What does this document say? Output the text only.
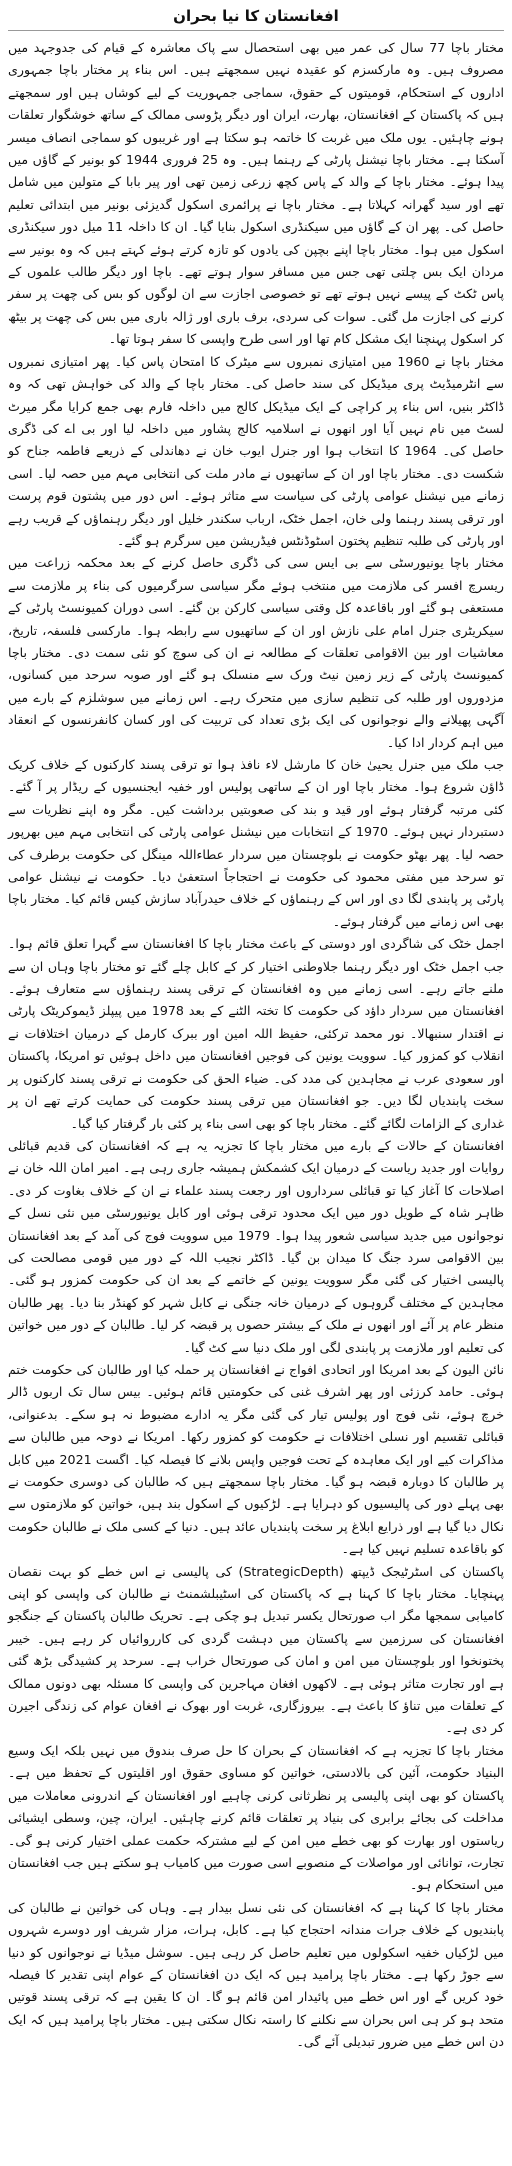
افغانستان کا نیا بحران

مختار باچا 77 سال کی عمر میں بھی استحصال سے پاک معاشرہ کے قیام کی جدوجہد میں مصروف ہیں۔ وہ مارکسزم کو عقیدہ نہیں سمجھتے ہیں۔ اس بناء پر مختار باچا جمہوری اداروں کے استحکام، قومیتوں کے حقوق، سماجی جمہوریت کے لیے کوشاں ہیں اور سمجھتے ہیں کہ پاکستان کے افغانستان، بھارت، ایران اور دیگر پڑوسی ممالک کے ساتھ خوشگوار تعلقات ہونے چاہئیں۔ یوں ملک میں غربت کا خاتمہ ہو سکتا ہے اور غریبوں کو سماجی انصاف میسر آسکتا ہے۔ مختار باچا نیشنل پارٹی کے رہنما ہیں۔ وہ 25 فروری 1944 کو بونیر کے گاؤں میں پیدا ہوئے۔ مختار باچا کے والد کے پاس کچھ زرعی زمین تھی اور پیر بابا کے متولین میں شامل تھے اور سید گھرانہ کہلاتا ہے۔ مختار باچا نے پرائمری اسکول گدیزئی بونیر میں ابتدائی تعلیم حاصل کی۔ پھر ان کے گاؤں میں سیکنڈری اسکول بنایا گیا۔ ان کا داخلہ 11 میل دور سیکنڈری اسکول میں ہوا۔ مختار باچا اپنے بچپن کی یادوں کو تازہ کرتے ہوئے کہتے ہیں کہ وہ بونیر سے مردان ایک بس چلتی تھی جس میں مسافر سوار ہوتے تھے۔ باچا اور دیگر طالب علموں کے پاس ٹکٹ کے پیسے نہیں ہوتے تھے تو خصوصی اجازت سے ان لوگوں کو بس کی چھت پر سفر کرنے کی اجازت مل گئی۔ سوات کی سردی، برف باری اور ژالہ باری میں بس کی چھت پر بیٹھ کر اسکول پہنچنا ایک مشکل کام تھا اور اسی طرح واپسی کا سفر ہوتا تھا۔

مختار باچا نے 1960 میں امتیازی نمبروں سے میٹرک کا امتحان پاس کیا۔ پھر امتیازی نمبروں سے انٹرمیڈیٹ پری میڈیکل کی سند حاصل کی۔ مختار باچا کے والد کی خواہش تھی کہ وہ ڈاکٹر بنیں، اس بناء پر کراچی کے ایک میڈیکل کالج میں داخلہ فارم بھی جمع کرایا مگر میرٹ لسٹ میں نام نہیں آیا اور انھوں نے اسلامیہ کالج پشاور میں داخلہ لیا اور بی اے کی ڈگری حاصل کی۔ 1964 کا انتخاب ہوا اور جنرل ایوب خان نے دھاندلی کے ذریعے فاطمہ جناح کو شکست دی۔ مختار باچا اور ان کے ساتھیوں نے مادر ملت کی انتخابی مہم میں حصہ لیا۔ اسی زمانے میں نیشنل عوامی پارٹی کی سیاست سے متاثر ہوئے۔ اس دور میں پشتون قوم پرست اور ترقی پسند رہنما ولی خان، اجمل خٹک، ارباب سکندر خلیل اور دیگر رہنماؤں کے قریب رہے اور پارٹی کی طلبہ تنظیم پختون اسٹوڈنٹس فیڈریشن میں سرگرم ہو گئے۔

مختار باچا یونیورسٹی سے بی ایس سی کی ڈگری حاصل کرنے کے بعد محکمہ زراعت میں ریسرچ افسر کی ملازمت میں منتخب ہوئے مگر سیاسی سرگرمیوں کی بناء پر ملازمت سے مستعفی ہو گئے اور باقاعدہ کل وقتی سیاسی کارکن بن گئے۔ اسی دوران کمیونسٹ پارٹی کے سیکریٹری جنرل امام علی نازش اور ان کے ساتھیوں سے رابطہ ہوا۔ مارکسی فلسفہ، تاریخ، معاشیات اور بین الاقوامی تعلقات کے مطالعہ نے ان کی سوچ کو نئی سمت دی۔ مختار باچا کمیونسٹ پارٹی کے زیر زمین نیٹ ورک سے منسلک ہو گئے اور صوبہ سرحد میں کسانوں، مزدوروں اور طلبہ کی تنظیم سازی میں متحرک رہے۔ اس زمانے میں سوشلزم کے بارے میں آگہی پھیلانے والے نوجوانوں کی ایک بڑی تعداد کی تربیت کی اور کسان کانفرنسوں کے انعقاد میں اہم کردار ادا کیا۔

جب ملک میں جنرل یحییٰ خان کا مارشل لاء نافذ ہوا تو ترقی پسند کارکنوں کے خلاف کریک ڈاؤن شروع ہوا۔ مختار باچا اور ان کے ساتھی پولیس اور خفیہ ایجنسیوں کے ریڈار پر آ گئے۔ کئی مرتبہ گرفتار ہوئے اور قید و بند کی صعوبتیں برداشت کیں۔ مگر وہ اپنے نظریات سے دستبردار نہیں ہوئے۔ 1970 کے انتخابات میں نیشنل عوامی پارٹی کی انتخابی مہم میں بھرپور حصہ لیا۔ پھر بھٹو حکومت نے بلوچستان میں سردار عطاءاللہ مینگل کی حکومت برطرف کی تو سرحد میں مفتی محمود کی حکومت نے احتجاجاً استعفیٰ دیا۔ حکومت نے نیشنل عوامی پارٹی پر پابندی لگا دی اور اس کے رہنماؤں کے خلاف حیدرآباد سازش کیس قائم کیا۔ مختار باچا بھی اس زمانے میں گرفتار ہوئے۔

اجمل خٹک کی شاگردی اور دوستی کے باعث مختار باچا کا افغانستان سے گہرا تعلق قائم ہوا۔ جب اجمل خٹک اور دیگر رہنما جلاوطنی اختیار کر کے کابل چلے گئے تو مختار باچا وہاں ان سے ملنے جاتے رہے۔ اسی زمانے میں وہ افغانستان کے ترقی پسند رہنماؤں سے متعارف ہوئے۔ افغانستان میں سردار داؤد کی حکومت کا تختہ الٹنے کے بعد 1978 میں پیپلز ڈیموکریٹک پارٹی نے اقتدار سنبھالا۔ نور محمد ترکئی، حفیظ اللہ امین اور ببرک کارمل کے درمیان اختلافات نے انقلاب کو کمزور کیا۔ سوویت یونین کی فوجیں افغانستان میں داخل ہوئیں تو امریکا، پاکستان اور سعودی عرب نے مجاہدین کی مدد کی۔ ضیاء الحق کی حکومت نے ترقی پسند کارکنوں پر سخت پابندیاں لگا دیں۔ جو افغانستان میں ترقی پسند حکومت کی حمایت کرتے تھے ان پر غداری کے الزامات لگائے گئے۔ مختار باچا کو بھی اسی بناء پر کئی بار گرفتار کیا گیا۔

افغانستان کے حالات کے بارے میں مختار باچا کا تجزیہ یہ ہے کہ افغانستان کی قدیم قبائلی روایات اور جدید ریاست کے درمیان ایک کشمکش ہمیشہ جاری رہی ہے۔ امیر امان اللہ خان نے اصلاحات کا آغاز کیا تو قبائلی سرداروں اور رجعت پسند علماء نے ان کے خلاف بغاوت کر دی۔ ظاہر شاہ کے طویل دور میں ایک محدود ترقی ہوئی اور کابل یونیورسٹی میں نئی نسل کے نوجوانوں میں جدید سیاسی شعور پیدا ہوا۔ 1979 میں سوویت فوج کی آمد کے بعد افغانستان بین الاقوامی سرد جنگ کا میدان بن گیا۔ ڈاکٹر نجیب اللہ کے دور میں قومی مصالحت کی پالیسی اختیار کی گئی مگر سوویت یونین کے خاتمے کے بعد ان کی حکومت کمزور ہو گئی۔ مجاہدین کے مختلف گروہوں کے درمیان خانہ جنگی نے کابل شہر کو کھنڈر بنا دیا۔ پھر طالبان منظر عام پر آئے اور انھوں نے ملک کے بیشتر حصوں پر قبضہ کر لیا۔ طالبان کے دور میں خواتین کی تعلیم اور ملازمت پر پابندی لگی اور ملک دنیا سے کٹ گیا۔

نائن الیون کے بعد امریکا اور اتحادی افواج نے افغانستان پر حملہ کیا اور طالبان کی حکومت ختم ہوئی۔ حامد کرزئی اور پھر اشرف غنی کی حکومتیں قائم ہوئیں۔ بیس سال تک اربوں ڈالر خرچ ہوئے، نئی فوج اور پولیس تیار کی گئی مگر یہ ادارے مضبوط نہ ہو سکے۔ بدعنوانی، قبائلی تقسیم اور نسلی اختلافات نے حکومت کو کمزور رکھا۔ امریکا نے دوحہ میں طالبان سے مذاکرات کیے اور ایک معاہدہ کے تحت فوجیں واپس بلانے کا فیصلہ کیا۔ اگست 2021 میں کابل پر طالبان کا دوبارہ قبضہ ہو گیا۔ مختار باچا سمجھتے ہیں کہ طالبان کی دوسری حکومت نے بھی پہلے دور کی پالیسیوں کو دہرایا ہے۔ لڑکیوں کے اسکول بند ہیں، خواتین کو ملازمتوں سے نکال دیا گیا ہے اور ذرایع ابلاغ پر سخت پابندیاں عائد ہیں۔ دنیا کے کسی ملک نے طالبان حکومت کو باقاعدہ تسلیم نہیں کیا ہے۔

پاکستان کی اسٹرٹیجک ڈیپتھ (StrategicDepth) کی پالیسی نے اس خطے کو بہت نقصان پہنچایا۔ مختار باچا کا کہنا ہے کہ پاکستان کی اسٹیبلشمنٹ نے طالبان کی واپسی کو اپنی کامیابی سمجھا مگر اب صورتحال یکسر تبدیل ہو چکی ہے۔ تحریک طالبان پاکستان کے جنگجو افغانستان کی سرزمین سے پاکستان میں دہشت گردی کی کارروائیاں کر رہے ہیں۔ خیبر پختونخوا اور بلوچستان میں امن و امان کی صورتحال خراب ہے۔ سرحد پر کشیدگی بڑھ گئی ہے اور تجارت متاثر ہوئی ہے۔ لاکھوں افغان مہاجرین کی واپسی کا مسئلہ بھی دونوں ممالک کے تعلقات میں تناؤ کا باعث ہے۔ بیروزگاری، غربت اور بھوک نے افغان عوام کی زندگی اجیرن کر دی ہے۔

مختار باچا کا تجزیہ ہے کہ افغانستان کے بحران کا حل صرف بندوق میں نہیں بلکہ ایک وسیع البنیاد حکومت، آئین کی بالادستی، خواتین کو مساوی حقوق اور اقلیتوں کے تحفظ میں ہے۔ پاکستان کو بھی اپنی پالیسی پر نظرثانی کرنی چاہیے اور افغانستان کے اندرونی معاملات میں مداخلت کی بجائے برابری کی بنیاد پر تعلقات قائم کرنے چاہئیں۔ ایران، چین، وسطی ایشیائی ریاستوں اور بھارت کو بھی خطے میں امن کے لیے مشترکہ حکمت عملی اختیار کرنی ہو گی۔ تجارت، توانائی اور مواصلات کے منصوبے اسی صورت میں کامیاب ہو سکتے ہیں جب افغانستان میں استحکام ہو۔

مختار باچا کا کہنا ہے کہ افغانستان کی نئی نسل بیدار ہے۔ وہاں کی خواتین نے طالبان کی پابندیوں کے خلاف جرات مندانہ احتجاج کیا ہے۔ کابل، ہرات، مزار شریف اور دوسرے شہروں میں لڑکیاں خفیہ اسکولوں میں تعلیم حاصل کر رہی ہیں۔ سوشل میڈیا نے نوجوانوں کو دنیا سے جوڑ رکھا ہے۔ مختار باچا پرامید ہیں کہ ایک دن افغانستان کے عوام اپنی تقدیر کا فیصلہ خود کریں گے اور اس خطے میں پائیدار امن قائم ہو گا۔ ان کا یقین ہے کہ ترقی پسند قوتیں متحد ہو کر ہی اس بحران سے نکلنے کا راستہ نکال سکتی ہیں۔ مختار باچا پرامید ہیں کہ ایک دن اس خطے میں ضرور تبدیلی آئے گی۔
